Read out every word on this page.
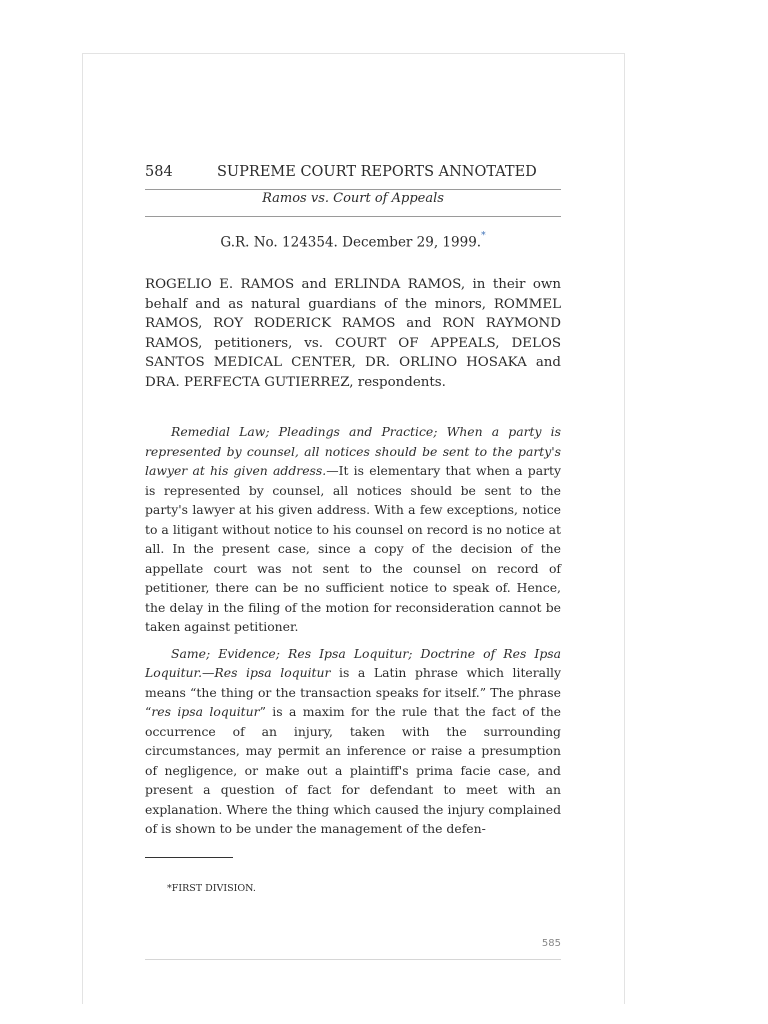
584	SUPREME COURT REPORTS ANNOTATED
Ramos vs. Court of Appeals
G.R. No. 124354. December 29, 1999.*
ROGELIO E. RAMOS and ERLINDA RAMOS, in their own behalf and as natural guardians of the minors, ROMMEL RAMOS, ROY RODERICK RAMOS and RON RAYMOND RAMOS, petitioners, vs. COURT OF APPEALS, DELOS SANTOS MEDICAL CENTER, DR. ORLINO HOSAKA and DRA. PERFECTA GUTIERREZ, respondents.

Remedial Law; Pleadings and Practice; When a party is represented by counsel, all notices should be sent to the party's lawyer at his given address.—It is elementary that when a party is represented by counsel, all notices should be sent to the party's lawyer at his given address. With a few exceptions, notice to a litigant without notice to his counsel on record is no notice at all. In the present case, since a copy of the decision of the appellate court was not sent to the counsel on record of petitioner, there can be no sufficient notice to speak of. Hence, the delay in the filing of the motion for reconsideration cannot be taken against petitioner.

Same; Evidence; Res Ipsa Loquitur; Doctrine of Res Ipsa Loquitur.—Res ipsa loquitur is a Latin phrase which literally means “the thing or the transaction speaks for itself.” The phrase “res ipsa loquitur” is a maxim for the rule that the fact of the occurrence of an injury, taken with the surrounding circumstances, may permit an inference or raise a presumption of negligence, or make out a plaintiff's prima facie case, and present a question of fact for defendant to meet with an explanation. Where the thing which caused the injury complained of is shown to be under the management of the defen-

*FIRST DIVISION.
585
